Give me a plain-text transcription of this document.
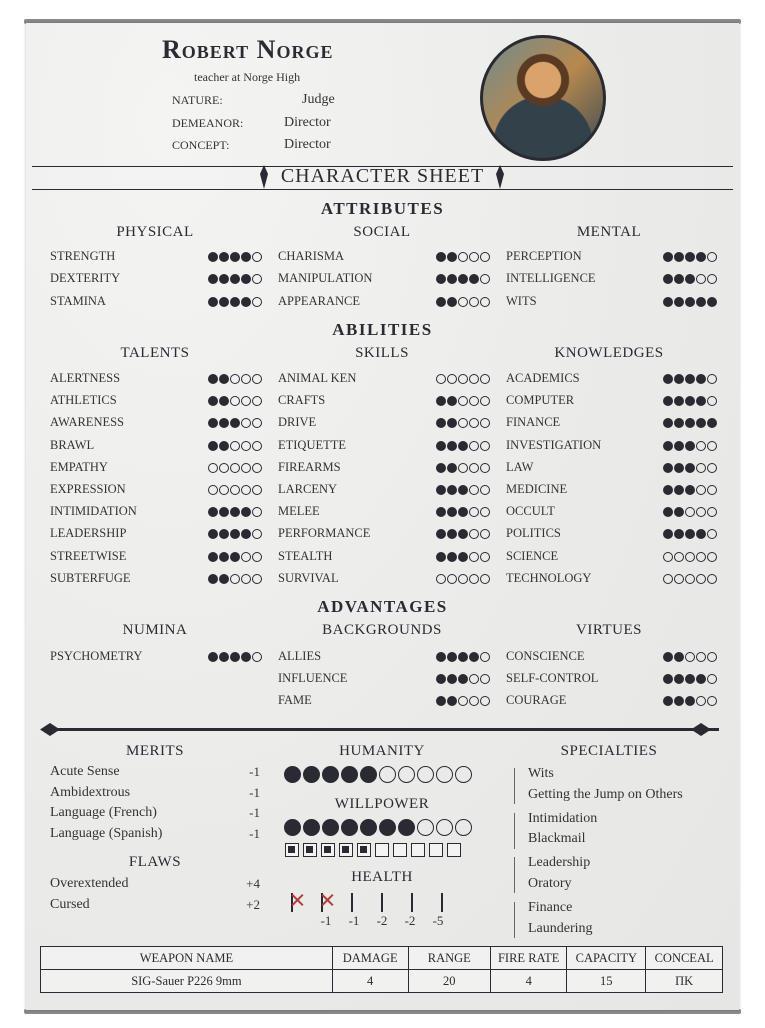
Robert Norge
teacher at Norge High
NATURE:	Judge
DEMEANOR:	Director
CONCEPT:	Director
CHARACTER SHEET
ATTRIBUTES
PHYSICAL
STRENGTH
DEXTERITY
STAMINA
SOCIAL
CHARISMA
MANIPULATION
APPEARANCE
MENTAL
PERCEPTION
INTELLIGENCE
WITS
ABILITIES
TALENTS
ALERTNESS
ATHLETICS
AWARENESS
BRAWL
EMPATHY
EXPRESSION
INTIMIDATION
LEADERSHIP
STREETWISE
SUBTERFUGE
SKILLS
ANIMAL KEN
CRAFTS
DRIVE
ETIQUETTE
FIREARMS
LARCENY
MELEE
PERFORMANCE
STEALTH
SURVIVAL
KNOWLEDGES
ACADEMICS
COMPUTER
FINANCE
INVESTIGATION
LAW
MEDICINE
OCCULT
POLITICS
SCIENCE
TECHNOLOGY
ADVANTAGES
NUMINA
PSYCHOMETRY
BACKGROUNDS
ALLIES
INFLUENCE
FAME
VIRTUES
CONSCIENCE
SELF-CONTROL
COURAGE
MERITS
Acute Sense	-1
Ambidextrous	-1
Language (French)	-1
Language (Spanish)	-1
FLAWS
Overextended	+4
Cursed	+2
HUMANITY
WILLPOWER
HEALTH
-1	-1	-2	-2	-5
SPECIALTIES
Wits
Getting the Jump on Others
Intimidation
Blackmail
Leadership
Oratory
Finance
Laundering
WEAPON NAME	DAMAGE	RANGE	FIRE RATE	CAPACITY	CONCEAL
SIG-Sauer P226 9mm	4	20	4	15	ΠK
